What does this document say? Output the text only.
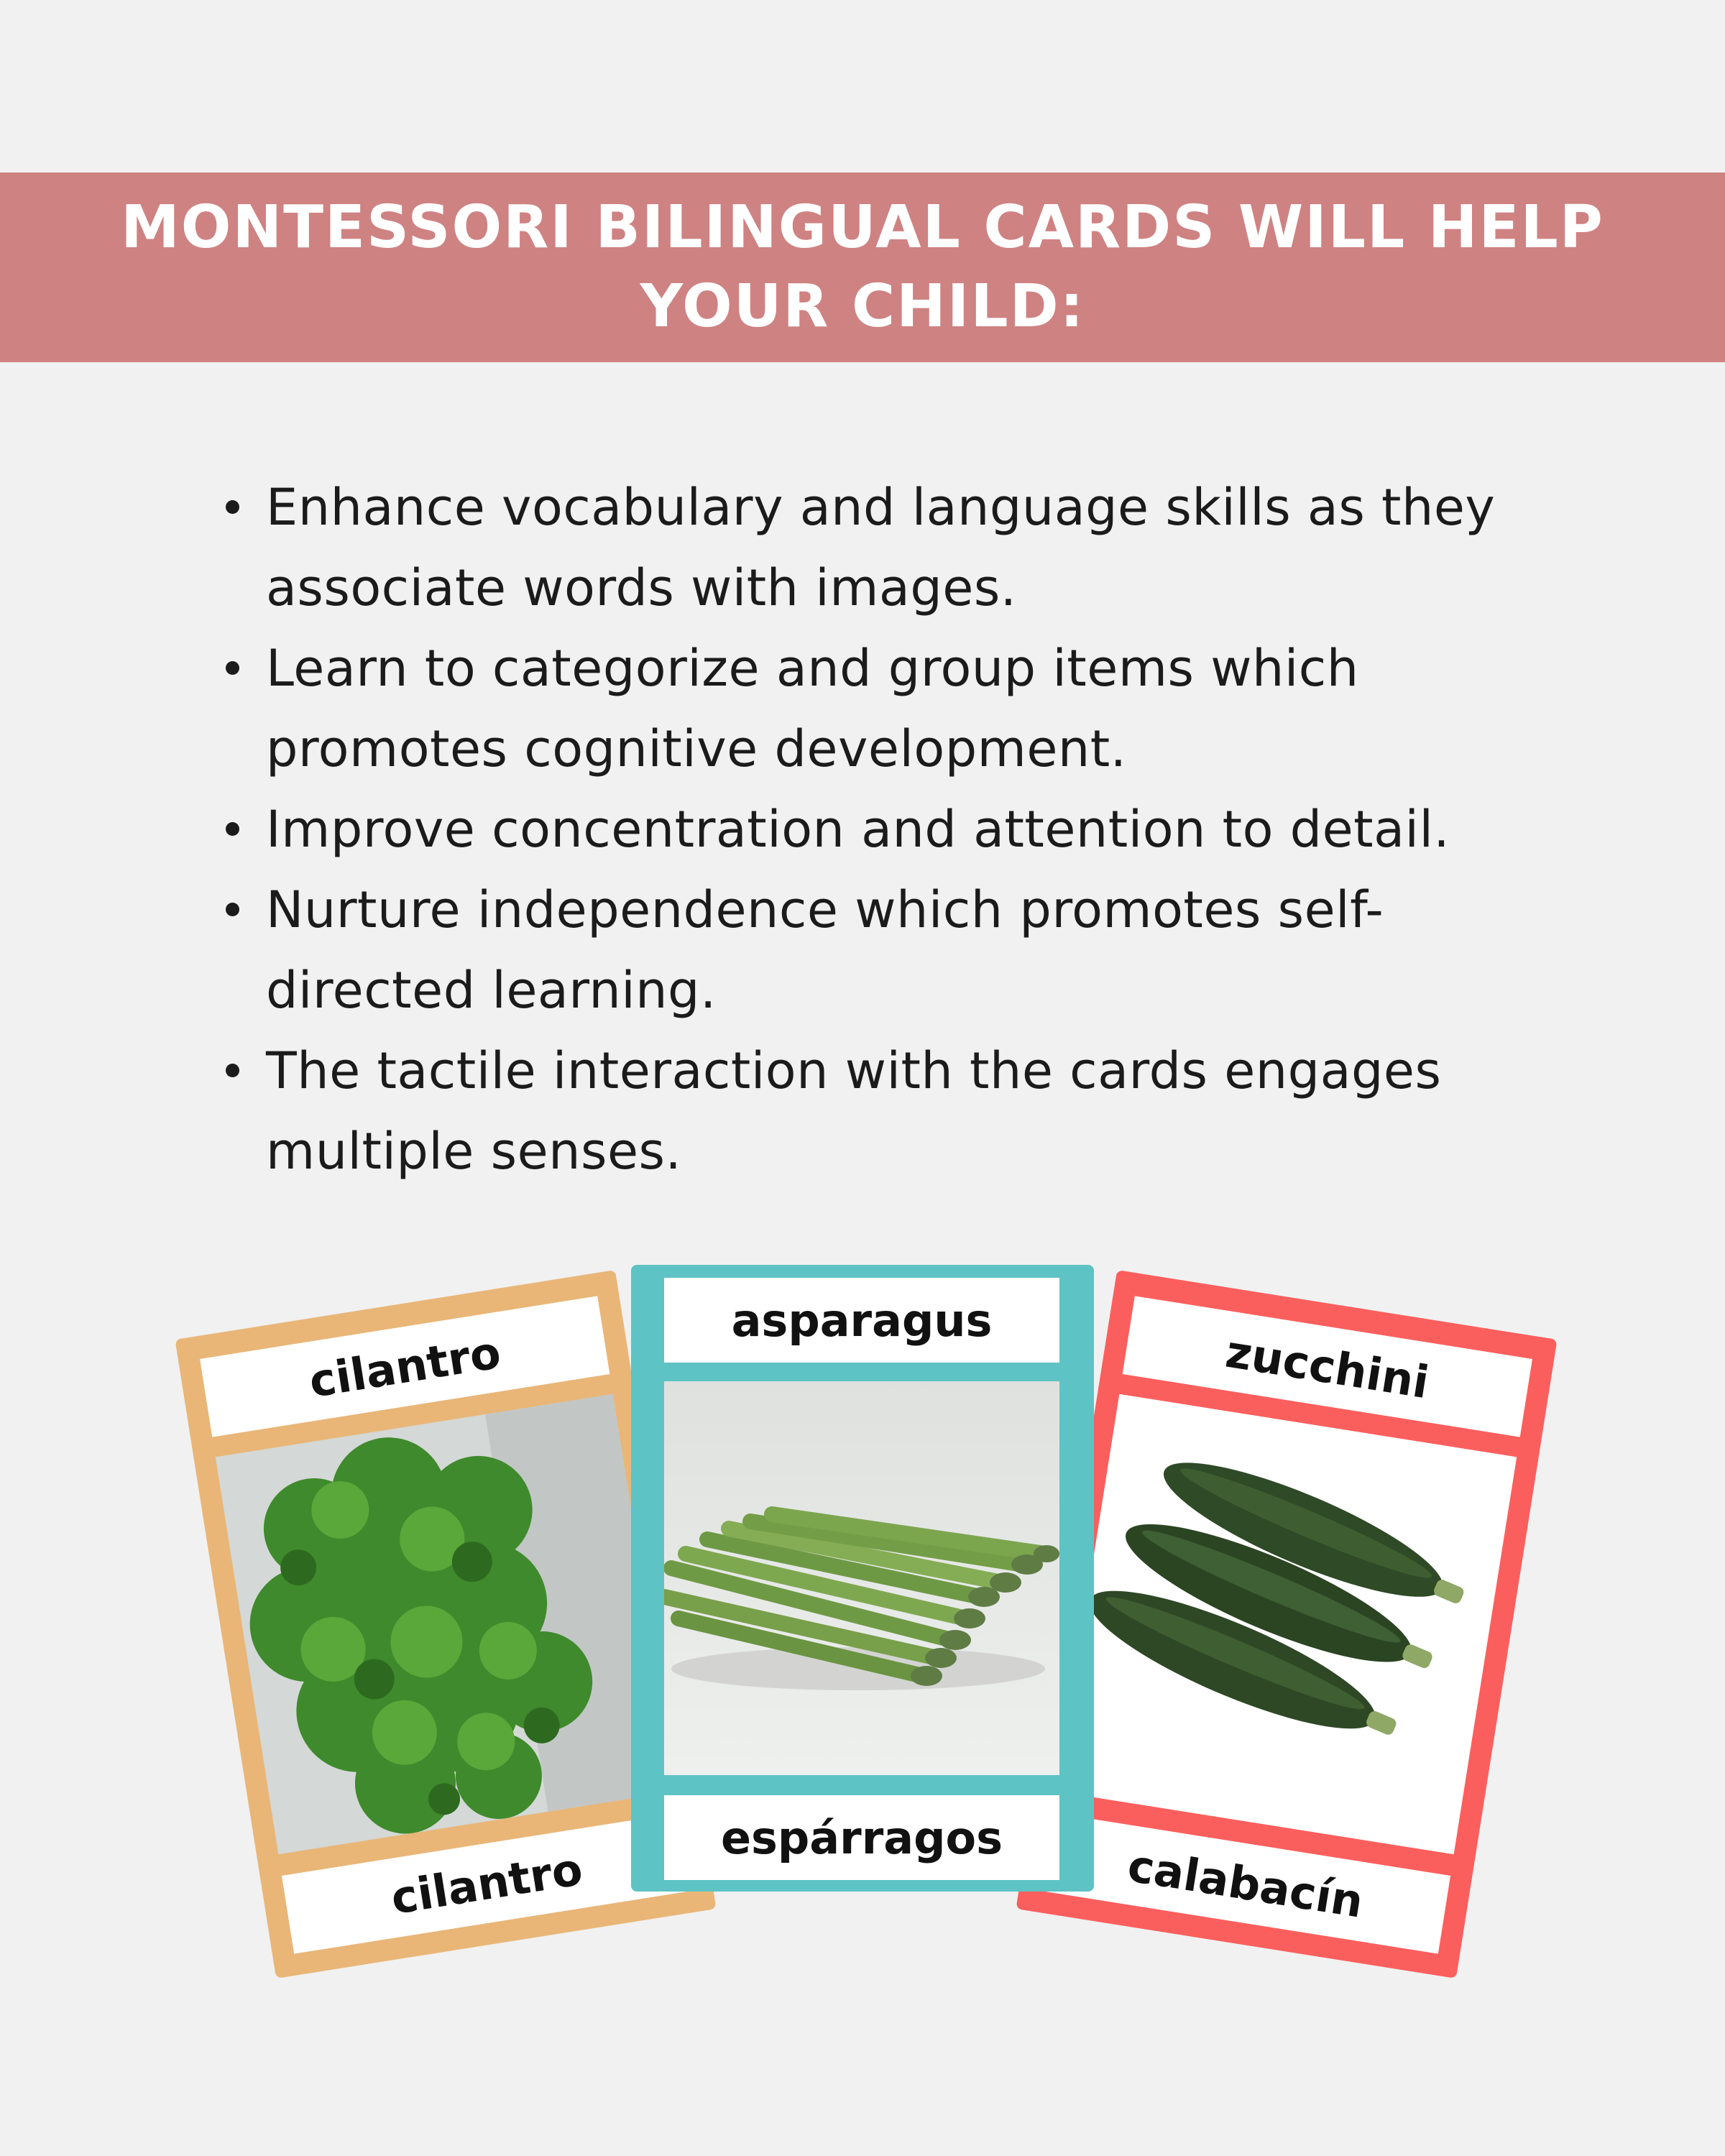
MONTESSORI BILINGUAL CARDS WILL HELP YOUR CHILD:
Enhance vocabulary and language skills as they associate words with images.
Learn to categorize and group items which promotes cognitive development.
Improve concentration and attention to detail.
Nurture independence which promotes self-directed learning.
The tactile interaction with the cards engages multiple senses.
cilantro
cilantro
zucchini
calabacín
asparagus
espárragos
